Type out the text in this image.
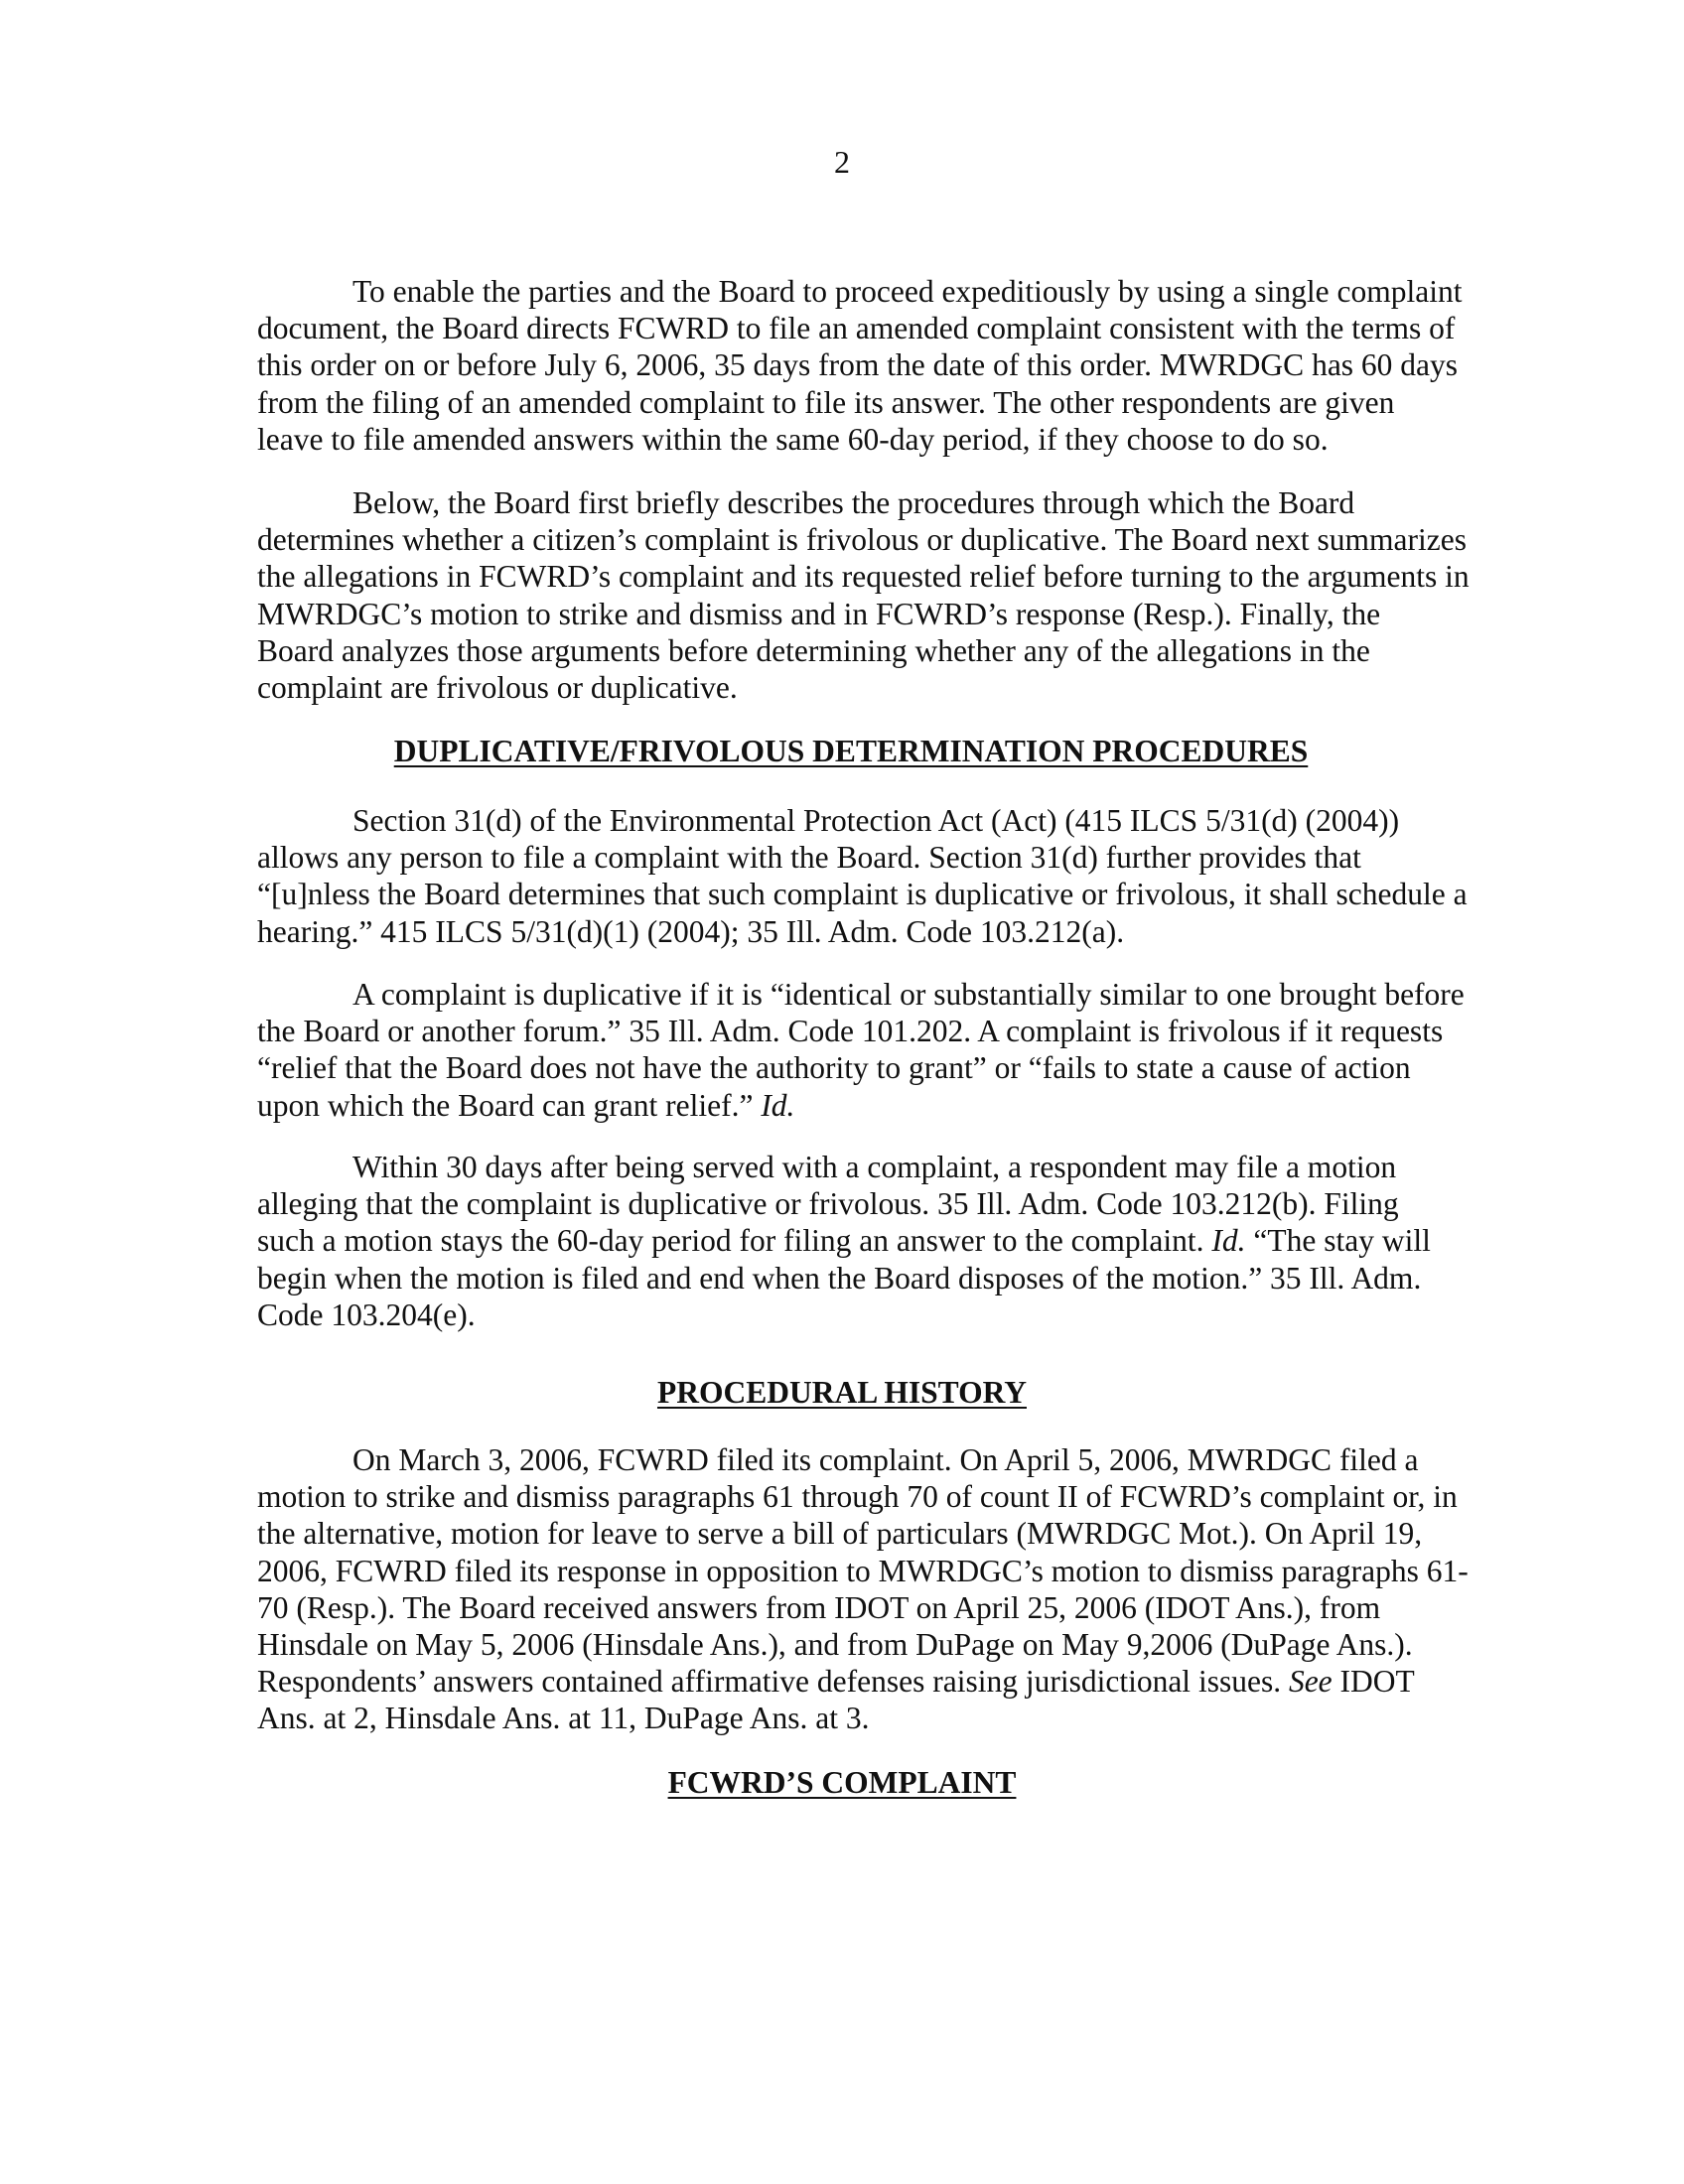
2
To enable the parties and the Board to proceed expeditiously by using a single complaint
document, the Board directs FCWRD to file an amended complaint consistent with the terms of
this order on or before July 6, 2006, 35 days from the date of this order. MWRDGC has 60 days
from the filing of an amended complaint to file its answer. The other respondents are given
leave to file amended answers within the same 60-day period, if they choose to do so.
Below, the Board first briefly describes the procedures through which the Board
determines whether a citizen’s complaint is frivolous or duplicative. The Board next summarizes
the allegations in FCWRD’s complaint and its requested relief before turning to the arguments in
MWRDGC’s motion to strike and dismiss and in FCWRD’s response (Resp.). Finally, the
Board analyzes those arguments before determining whether any of the allegations in the
complaint are frivolous or duplicative.
DUPLICATIVE/FRIVOLOUS DETERMINATION PROCEDURES
Section 31(d) of the Environmental Protection Act (Act) (415 ILCS 5/31(d) (2004))
allows any person to file a complaint with the Board. Section 31(d) further provides that
“[u]nless the Board determines that such complaint is duplicative or frivolous, it shall schedule a
hearing.” 415 ILCS 5/31(d)(1) (2004); 35 Ill. Adm. Code 103.212(a).
A complaint is duplicative if it is “identical or substantially similar to one brought before
the Board or another forum.” 35 Ill. Adm. Code 101.202. A complaint is frivolous if it requests
“relief that the Board does not have the authority to grant” or “fails to state a cause of action
upon which the Board can grant relief.” Id.
Within 30 days after being served with a complaint, a respondent may file a motion
alleging that the complaint is duplicative or frivolous. 35 Ill. Adm. Code 103.212(b). Filing
such a motion stays the 60-day period for filing an answer to the complaint. Id. “The stay will
begin when the motion is filed and end when the Board disposes of the motion.” 35 Ill. Adm.
Code 103.204(e).
PROCEDURAL HISTORY
On March 3, 2006, FCWRD filed its complaint. On April 5, 2006, MWRDGC filed a
motion to strike and dismiss paragraphs 61 through 70 of count II of FCWRD’s complaint or, in
the alternative, motion for leave to serve a bill of particulars (MWRDGC Mot.). On April 19,
2006, FCWRD filed its response in opposition to MWRDGC’s motion to dismiss paragraphs 61-
70 (Resp.). The Board received answers from IDOT on April 25, 2006 (IDOT Ans.), from
Hinsdale on May 5, 2006 (Hinsdale Ans.), and from DuPage on May 9,2006 (DuPage Ans.).
Respondents’ answers contained affirmative defenses raising jurisdictional issues. See IDOT
Ans. at 2, Hinsdale Ans. at 11, DuPage Ans. at 3.
FCWRD’S COMPLAINT
